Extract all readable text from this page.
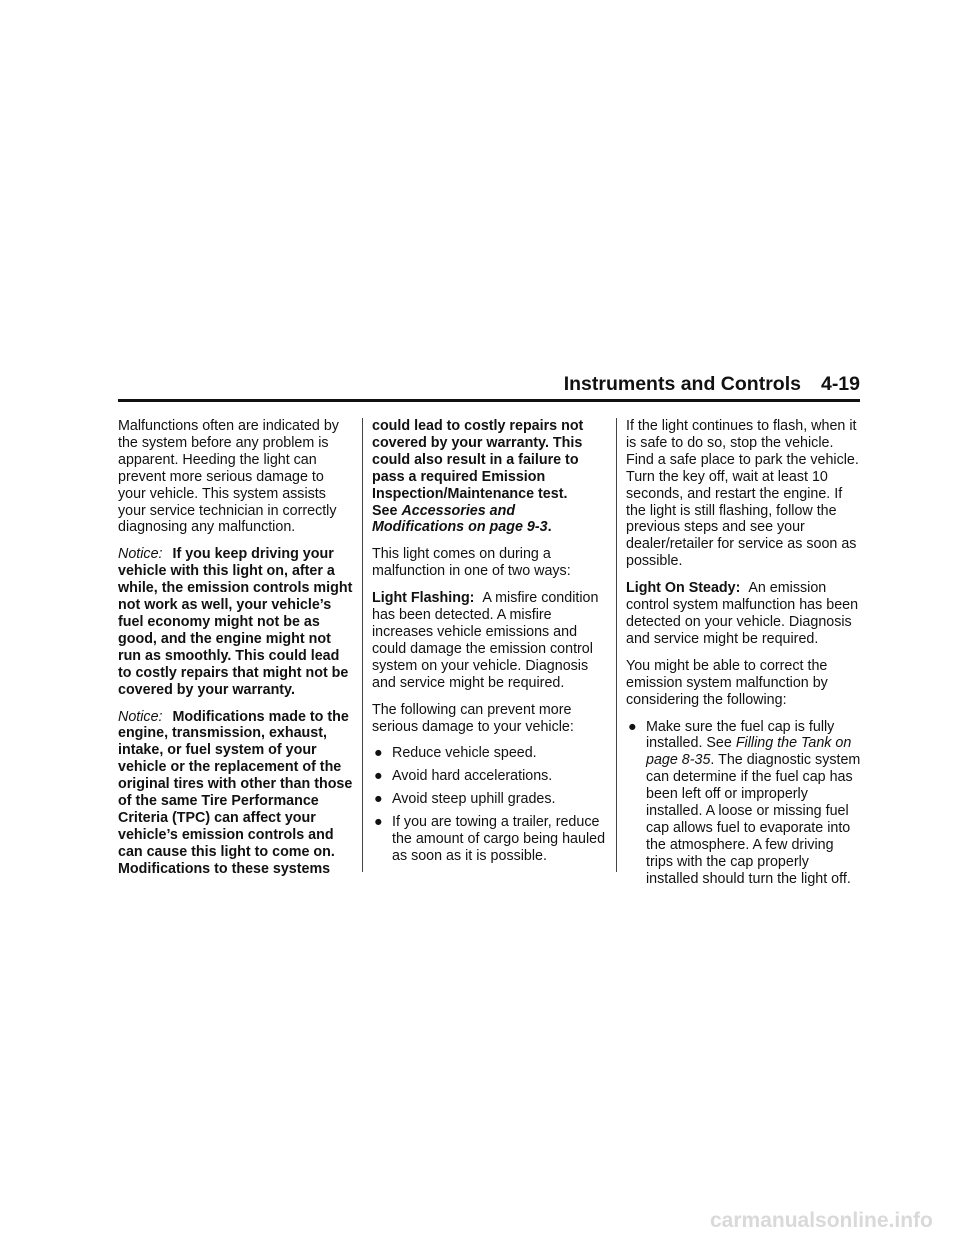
Instruments and Controls 4-19

Malfunctions often are indicated by the system before any problem is apparent. Heeding the light can prevent more serious damage to your vehicle. This system assists your service technician in correctly diagnosing any malfunction.

Notice: If you keep driving your vehicle with this light on, after a while, the emission controls might not work as well, your vehicle’s fuel economy might not be as good, and the engine might not run as smoothly. This could lead to costly repairs that might not be covered by your warranty.

Notice: Modifications made to the engine, transmission, exhaust, intake, or fuel system of your vehicle or the replacement of the original tires with other than those of the same Tire Performance Criteria (TPC) can affect your vehicle’s emission controls and can cause this light to come on. Modifications to these systems

could lead to costly repairs not covered by your warranty. This could also result in a failure to pass a required Emission Inspection/Maintenance test.
See Accessories and Modifications on page 9-3.

This light comes on during a malfunction in one of two ways:

Light Flashing: A misfire condition has been detected. A misfire increases vehicle emissions and could damage the emission control system on your vehicle. Diagnosis and service might be required.

The following can prevent more serious damage to your vehicle:

● Reduce vehicle speed.
● Avoid hard accelerations.
● Avoid steep uphill grades.
● If you are towing a trailer, reduce the amount of cargo being hauled as soon as it is possible.

If the light continues to flash, when it is safe to do so, stop the vehicle. Find a safe place to park the vehicle. Turn the key off, wait at least 10 seconds, and restart the engine. If the light is still flashing, follow the previous steps and see your dealer/retailer for service as soon as possible.

Light On Steady: An emission control system malfunction has been detected on your vehicle. Diagnosis and service might be required.

You might be able to correct the emission system malfunction by considering the following:

● Make sure the fuel cap is fully installed. See Filling the Tank on page 8-35. The diagnostic system can determine if the fuel cap has been left off or improperly installed. A loose or missing fuel cap allows fuel to evaporate into the atmosphere. A few driving trips with the cap properly installed should turn the light off.
carmanualsonline.info
